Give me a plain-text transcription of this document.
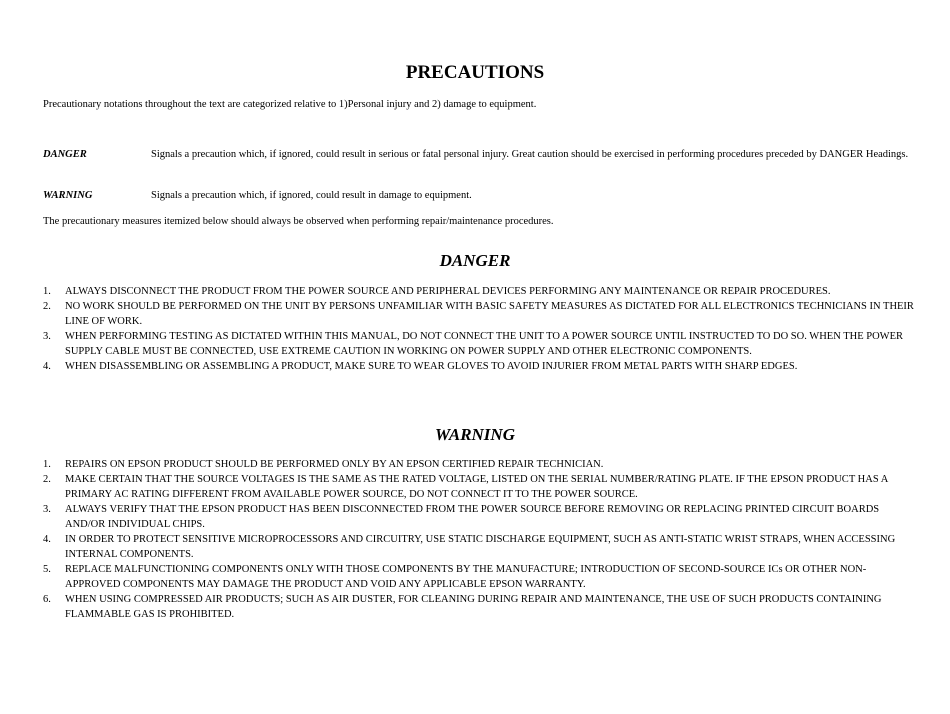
PRECAUTIONS
Precautionary notations throughout the text are categorized relative to 1)Personal injury and 2) damage to equipment.
DANGER	Signals a precaution which, if ignored, could result in serious or fatal personal injury. Great caution should be exercised in performing procedures preceded by DANGER Headings.
WARNING	Signals a precaution which, if ignored, could result in damage to equipment.
The precautionary measures itemized below should always be observed when performing repair/maintenance procedures.
DANGER
1. ALWAYS DISCONNECT THE PRODUCT FROM THE POWER SOURCE AND PERIPHERAL DEVICES PERFORMING ANY MAINTENANCE OR REPAIR PROCEDURES.
2. NO WORK SHOULD BE PERFORMED ON THE UNIT BY PERSONS UNFAMILIAR WITH BASIC SAFETY MEASURES AS DICTATED FOR ALL ELECTRONICS TECHNICIANS IN THEIR LINE OF WORK.
3. WHEN PERFORMING TESTING AS DICTATED WITHIN THIS MANUAL, DO NOT CONNECT THE UNIT TO A POWER SOURCE UNTIL INSTRUCTED TO DO SO. WHEN THE POWER SUPPLY CABLE MUST BE CONNECTED, USE EXTREME CAUTION IN WORKING ON POWER SUPPLY AND OTHER ELECTRONIC COMPONENTS.
4. WHEN DISASSEMBLING OR ASSEMBLING A PRODUCT, MAKE SURE TO WEAR GLOVES TO AVOID INJURIER FROM METAL PARTS WITH SHARP EDGES.
WARNING
1. REPAIRS ON EPSON PRODUCT SHOULD BE PERFORMED ONLY BY AN EPSON CERTIFIED REPAIR TECHNICIAN.
2. MAKE CERTAIN THAT THE SOURCE VOLTAGES IS THE SAME AS THE RATED VOLTAGE, LISTED ON THE SERIAL NUMBER/RATING PLATE. IF THE EPSON PRODUCT HAS A PRIMARY AC RATING DIFFERENT FROM AVAILABLE POWER SOURCE, DO NOT CONNECT IT TO THE POWER SOURCE.
3. ALWAYS VERIFY THAT THE EPSON PRODUCT HAS BEEN DISCONNECTED FROM THE POWER SOURCE BEFORE REMOVING OR REPLACING PRINTED CIRCUIT BOARDS AND/OR INDIVIDUAL CHIPS.
4. IN ORDER TO PROTECT SENSITIVE MICROPROCESSORS AND CIRCUITRY, USE STATIC DISCHARGE EQUIPMENT, SUCH AS ANTI-STATIC WRIST STRAPS, WHEN ACCESSING INTERNAL COMPONENTS.
5. REPLACE MALFUNCTIONING COMPONENTS ONLY WITH THOSE COMPONENTS BY THE MANUFACTURE; INTRODUCTION OF SECOND-SOURCE ICs OR OTHER NON-APPROVED COMPONENTS MAY DAMAGE THE PRODUCT AND VOID ANY APPLICABLE EPSON WARRANTY.
6. WHEN USING COMPRESSED AIR PRODUCTS; SUCH AS AIR DUSTER, FOR CLEANING DURING REPAIR AND MAINTENANCE, THE USE OF SUCH PRODUCTS CONTAINING FLAMMABLE GAS IS PROHIBITED.
